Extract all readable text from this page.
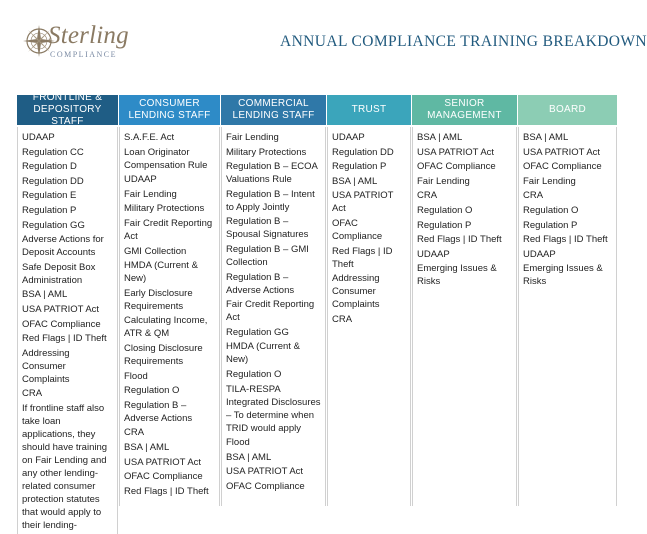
Sterling
COMPLIANCE
ANNUAL COMPLIANCE TRAINING BREAKDOWN
FRONTLINE & DEPOSITORY STAFF
UDAAP
Regulation CC
Regulation D
Regulation DD
Regulation E
Regulation P
Regulation GG
Adverse Actions for Deposit Accounts
Safe Deposit Box Administration
BSA | AML
USA PATRIOT Act
OFAC Compliance
Red Flags | ID Theft
Addressing Consumer Complaints
CRA
If frontline staff also take loan applications, they should have training on Fair Lending and any other lending-related consumer protection statutes that would apply to their lending-
CONSUMER LENDING STAFF
S.A.F.E. Act
Loan Originator Compensation Rule
UDAAP
Fair Lending
Military Protections
Fair Credit Reporting Act
GMI Collection
HMDA (Current & New)
Early Disclosure Requirements
Calculating Income, ATR & QM
Closing Disclosure Requirements
Flood
Regulation O
Regulation B – Adverse Actions
CRA
BSA | AML
USA PATRIOT Act
OFAC Compliance
Red Flags | ID Theft
COMMERCIAL LENDING STAFF
Fair Lending
Military Protections
Regulation B – ECOA Valuations Rule
Regulation B – Intent to Apply Jointly
Regulation B – Spousal Signatures
Regulation B – GMI Collection
Regulation B – Adverse Actions
Fair Credit Reporting Act
Regulation GG
HMDA (Current & New)
Regulation O
TILA-RESPA Integrated Disclosures – To determine when TRID would apply
Flood
BSA | AML
USA PATRIOT Act
OFAC Compliance
TRUST
UDAAP
Regulation DD
Regulation P
BSA | AML
USA PATRIOT Act
OFAC Compliance
Red Flags | ID Theft
Addressing Consumer Complaints
CRA
SENIOR MANAGEMENT
BSA | AML
USA PATRIOT Act
OFAC Compliance
Fair Lending
CRA
Regulation O
Regulation P
Red Flags | ID Theft
UDAAP
Emerging Issues & Risks
BOARD
BSA | AML
USA PATRIOT Act
OFAC Compliance
Fair Lending
CRA
Regulation O
Regulation P
Red Flags | ID Theft
UDAAP
Emerging Issues & Risks
